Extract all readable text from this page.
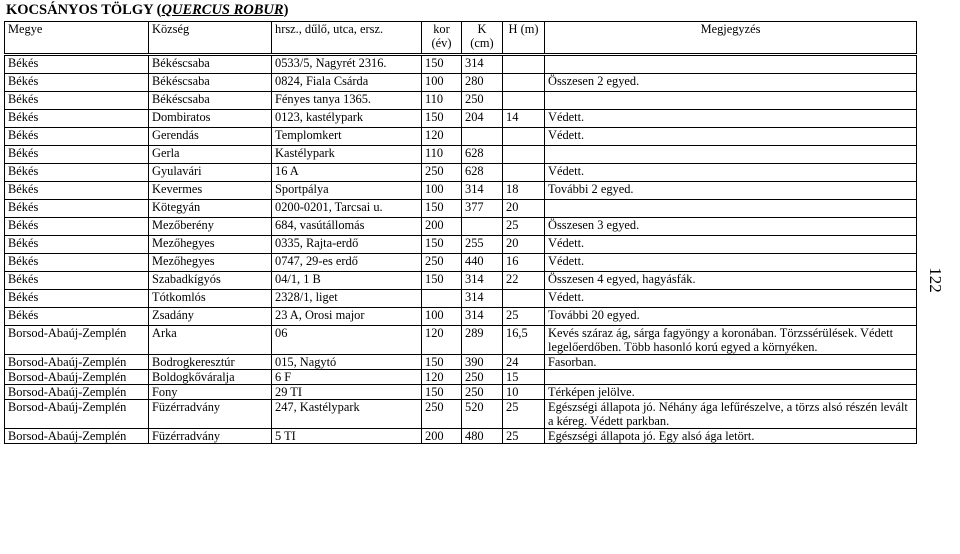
KOCSÁNYOS TÖLGY (QUERCUS ROBUR)
122
Megye	Község	hrsz., dűlő, utca, ersz.	kor (év)	K (cm)	H (m)	Megjegyzés
Békés	Békéscsaba	0533/5, Nagyrét 2316.	150	314		
Békés	Békéscsaba	0824, Fiala Csárda	100	280		Összesen 2 egyed.
Békés	Békéscsaba	Fényes tanya 1365.	110	250		
Békés	Dombiratos	0123, kastélypark	150	204	14	Védett.
Békés	Gerendás	Templomkert	120			Védett.
Békés	Gerla	Kastélypark	110	628		
Békés	Gyulavári	16 A	250	628		Védett.
Békés	Kevermes	Sportpálya	100	314	18	További 2 egyed.
Békés	Kötegyán	0200-0201, Tarcsai u.	150	377	20	
Békés	Mezőberény	684, vasútállomás	200		25	Összesen 3 egyed.
Békés	Mezőhegyes	0335, Rajta-erdő	150	255	20	Védett.
Békés	Mezőhegyes	0747, 29-es erdő	250	440	16	Védett.
Békés	Szabadkígyós	04/1, 1 B	150	314	22	Összesen 4 egyed, hagyásfák.
Békés	Tótkomlós	2328/1, liget		314		Védett.
Békés	Zsadány	23 A, Orosi major	100	314	25	További 20 egyed.
Borsod-Abaúj-Zemplén	Arka	06	120	289	16,5	Kevés száraz ág, sárga fagyöngy a koronában. Törzssérülések. Védett legelőerdőben. Több hasonló korú egyed a környéken.
Borsod-Abaúj-Zemplén	Bodrogkeresztúr	015, Nagytó	150	390	24	Fasorban.
Borsod-Abaúj-Zemplén	Boldogkőváralja	6 F	120	250	15	
Borsod-Abaúj-Zemplén	Fony	29 TI	150	250	10	Térképen jelölve.
Borsod-Abaúj-Zemplén	Füzérradvány	247, Kastélypark	250	520	25	Egészségi állapota jó. Néhány ága lefűrészelve, a törzs alsó részén levált a kéreg. Védett parkban.
Borsod-Abaúj-Zemplén	Füzérradvány	5 TI	200	480	25	Egészségi állapota jó. Egy alsó ága letört.
